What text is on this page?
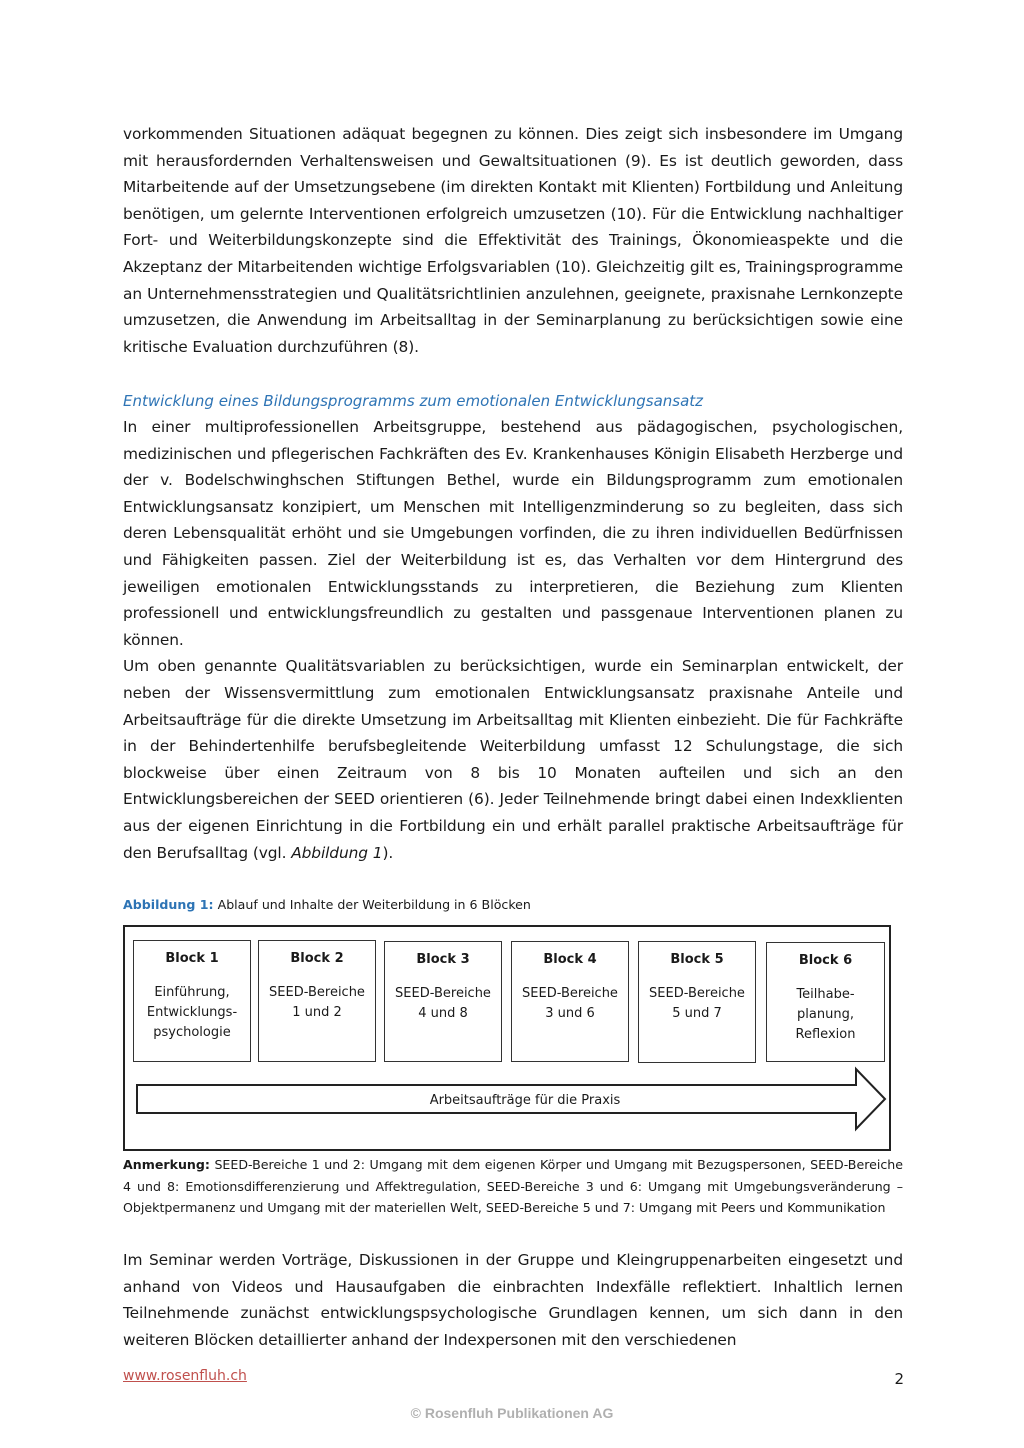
vorkommenden Situationen adäquat begegnen zu können. Dies zeigt sich insbesondere im Umgang mit herausfordernden Verhaltensweisen und Gewaltsituationen (9). Es ist deutlich geworden, dass Mitarbeitende auf der Umsetzungsebene (im direkten Kontakt mit Klienten) Fortbildung und Anleitung benötigen, um gelernte Interventionen erfolgreich umzusetzen (10). Für die Entwicklung nachhaltiger Fort- und Weiterbildungskonzepte sind die Effektivität des Trainings, Ökonomieaspekte und die Akzeptanz der Mitarbeitenden wichtige Erfolgsvariablen (10). Gleichzeitig gilt es, Trainingsprogramme an Unternehmensstrategien und Qualitätsrichtlinien anzulehnen, geeignete, praxisnahe Lernkonzepte umzusetzen, die Anwendung im Arbeitsalltag in der Seminarplanung zu berücksichtigen sowie eine kritische Evaluation durchzuführen (8).

Entwicklung eines Bildungsprogramms zum emotionalen Entwicklungsansatz

In einer multiprofessionellen Arbeitsgruppe, bestehend aus pädagogischen, psychologischen, medizinischen und pflegerischen Fachkräften des Ev. Krankenhauses Königin Elisabeth Herzberge und der v. Bodelschwinghschen Stiftungen Bethel, wurde ein Bildungsprogramm zum emotionalen Entwicklungsansatz konzipiert, um Menschen mit Intelligenzminderung so zu begleiten, dass sich deren Lebensqualität erhöht und sie Umgebungen vorfinden, die zu ihren individuellen Bedürfnissen und Fähigkeiten passen. Ziel der Weiterbildung ist es, das Verhalten vor dem Hintergrund des jeweiligen emotionalen Entwicklungsstands zu interpretieren, die Beziehung zum Klienten professionell und entwicklungsfreundlich zu gestalten und passgenaue Interventionen planen zu können.

Um oben genannte Qualitätsvariablen zu berücksichtigen, wurde ein Seminarplan entwickelt, der neben der Wissensvermittlung zum emotionalen Entwicklungsansatz praxisnahe Anteile und Arbeitsaufträge für die direkte Umsetzung im Arbeitsalltag mit Klienten einbezieht. Die für Fachkräfte in der Behindertenhilfe berufsbegleitende Weiterbildung umfasst 12 Schulungstage, die sich blockweise über einen Zeitraum von 8 bis 10 Monaten aufteilen und sich an den Entwicklungsbereichen der SEED orientieren (6). Jeder Teilnehmende bringt dabei einen Indexklienten aus der eigenen Einrichtung in die Fortbildung ein und erhält parallel praktische Arbeitsaufträge für den Berufsalltag (vgl. Abbildung 1).

Abbildung 1: Ablauf und Inhalte der Weiterbildung in 6 Blöcken
Block 1
Einführung, Entwicklungs-psychologie
Block 2
SEED-Bereiche 1 und 2
Block 3
SEED-Bereiche 4 und 8
Block 4
SEED-Bereiche 3 und 6
Block 5
SEED-Bereiche 5 und 7
Block 6
Teilhabe-planung, Reflexion
Arbeitsaufträge für die Praxis
Anmerkung: SEED-Bereiche 1 und 2: Umgang mit dem eigenen Körper und Umgang mit Bezugspersonen, SEED-Bereiche 4 und 8: Emotionsdifferenzierung und Affektregulation, SEED-Bereiche 3 und 6: Umgang mit Umgebungsveränderung – Objektpermanenz und Umgang mit der materiellen Welt, SEED-Bereiche 5 und 7: Umgang mit Peers und Kommunikation

Im Seminar werden Vorträge, Diskussionen in der Gruppe und Kleingruppenarbeiten eingesetzt und anhand von Videos und Hausaufgaben die einbrachten Indexfälle reflektiert. Inhaltlich lernen Teilnehmende zunächst entwicklungspsychologische Grundlagen kennen, um sich dann in den weiteren Blöcken detaillierter anhand der Indexpersonen mit den verschiedenen

www.rosenfluh.ch	2
© Rosenfluh Publikationen AG
